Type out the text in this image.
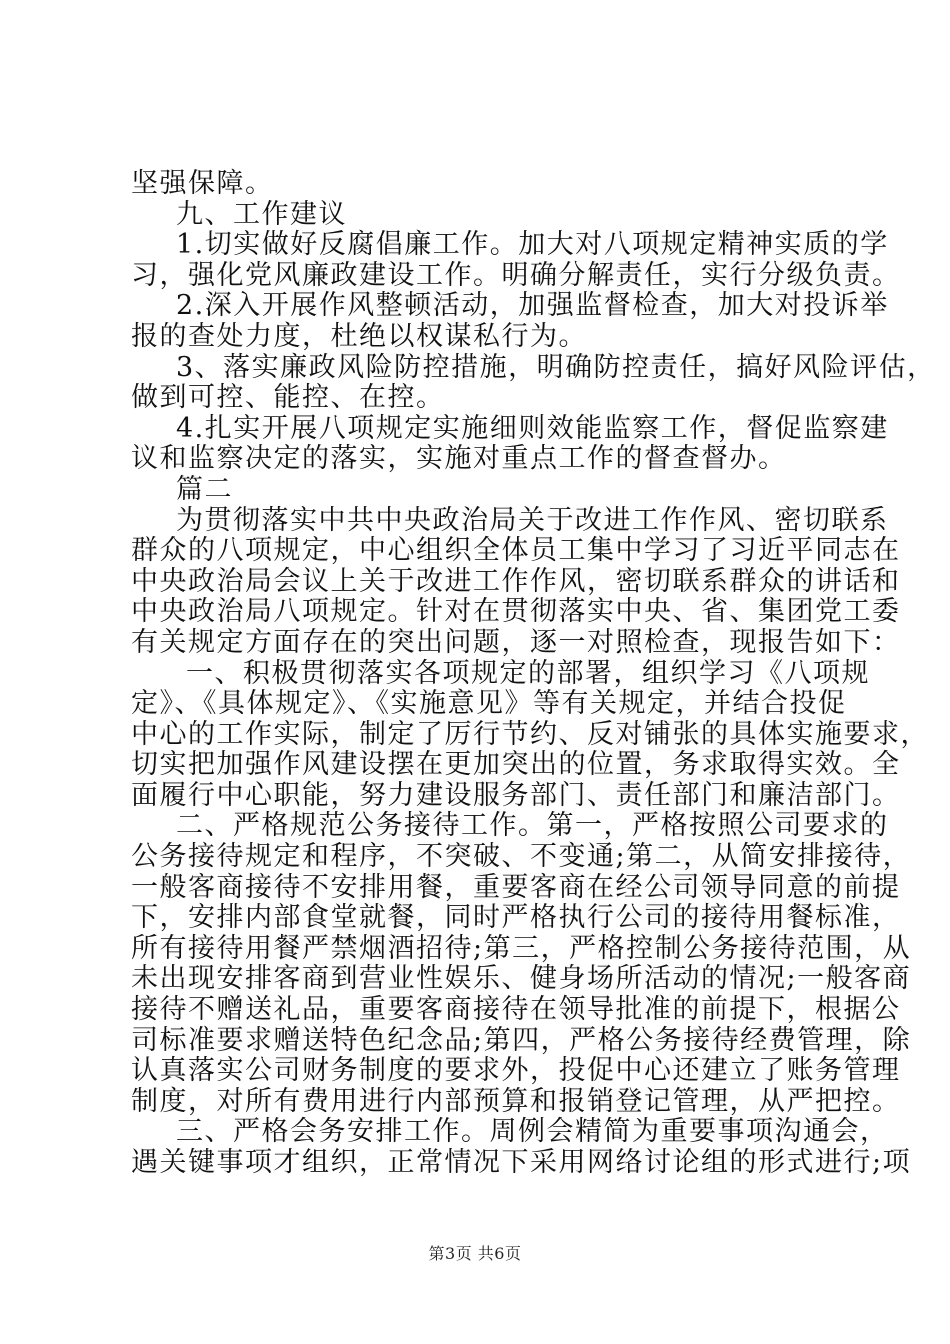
坚强保障。
九、工作建议
1.切实做好反腐倡廉工作。加大对八项规定精神实质的学
习，强化党风廉政建设工作。明确分解责任，实行分级负责。
2.深入开展作风整顿活动，加强监督检查，加大对投诉举
报的查处力度，杜绝以权谋私行为。
3、落实廉政风险防控措施，明确防控责任，搞好风险评估，
做到可控、能控、在控。
4.扎实开展八项规定实施细则效能监察工作，督促监察建
议和监察决定的落实，实施对重点工作的督查督办。
篇二
为贯彻落实中共中央政治局关于改进工作作风、密切联系
群众的八项规定，中心组织全体员工集中学习了习近平同志在
中央政治局会议上关于改进工作作风，密切联系群众的讲话和
中央政治局八项规定。针对在贯彻落实中央、省、集团党工委
有关规定方面存在的突出问题，逐一对照检查，现报告如下：
一、积极贯彻落实各项规定的部署，组织学习《八项规
定》、《具体规定》、《实施意见》等有关规定，并结合投促
中心的工作实际，制定了厉行节约、反对铺张的具体实施要求，
切实把加强作风建设摆在更加突出的位置，务求取得实效。全
面履行中心职能，努力建设服务部门、责任部门和廉洁部门。
二、严格规范公务接待工作。第一，严格按照公司要求的
公务接待规定和程序，不突破、不变通;第二，从简安排接待，
一般客商接待不安排用餐，重要客商在经公司领导同意的前提
下，安排内部食堂就餐，同时严格执行公司的接待用餐标准，
所有接待用餐严禁烟酒招待;第三，严格控制公务接待范围，从
未出现安排客商到营业性娱乐、健身场所活动的情况;一般客商
接待不赠送礼品，重要客商接待在领导批准的前提下，根据公
司标准要求赠送特色纪念品;第四，严格公务接待经费管理，除
认真落实公司财务制度的要求外，投促中心还建立了账务管理
制度，对所有费用进行内部预算和报销登记管理，从严把控。
三、严格会务安排工作。周例会精简为重要事项沟通会，
遇关键事项才组织，正常情况下采用网络讨论组的形式进行;项
第3页 共6页
